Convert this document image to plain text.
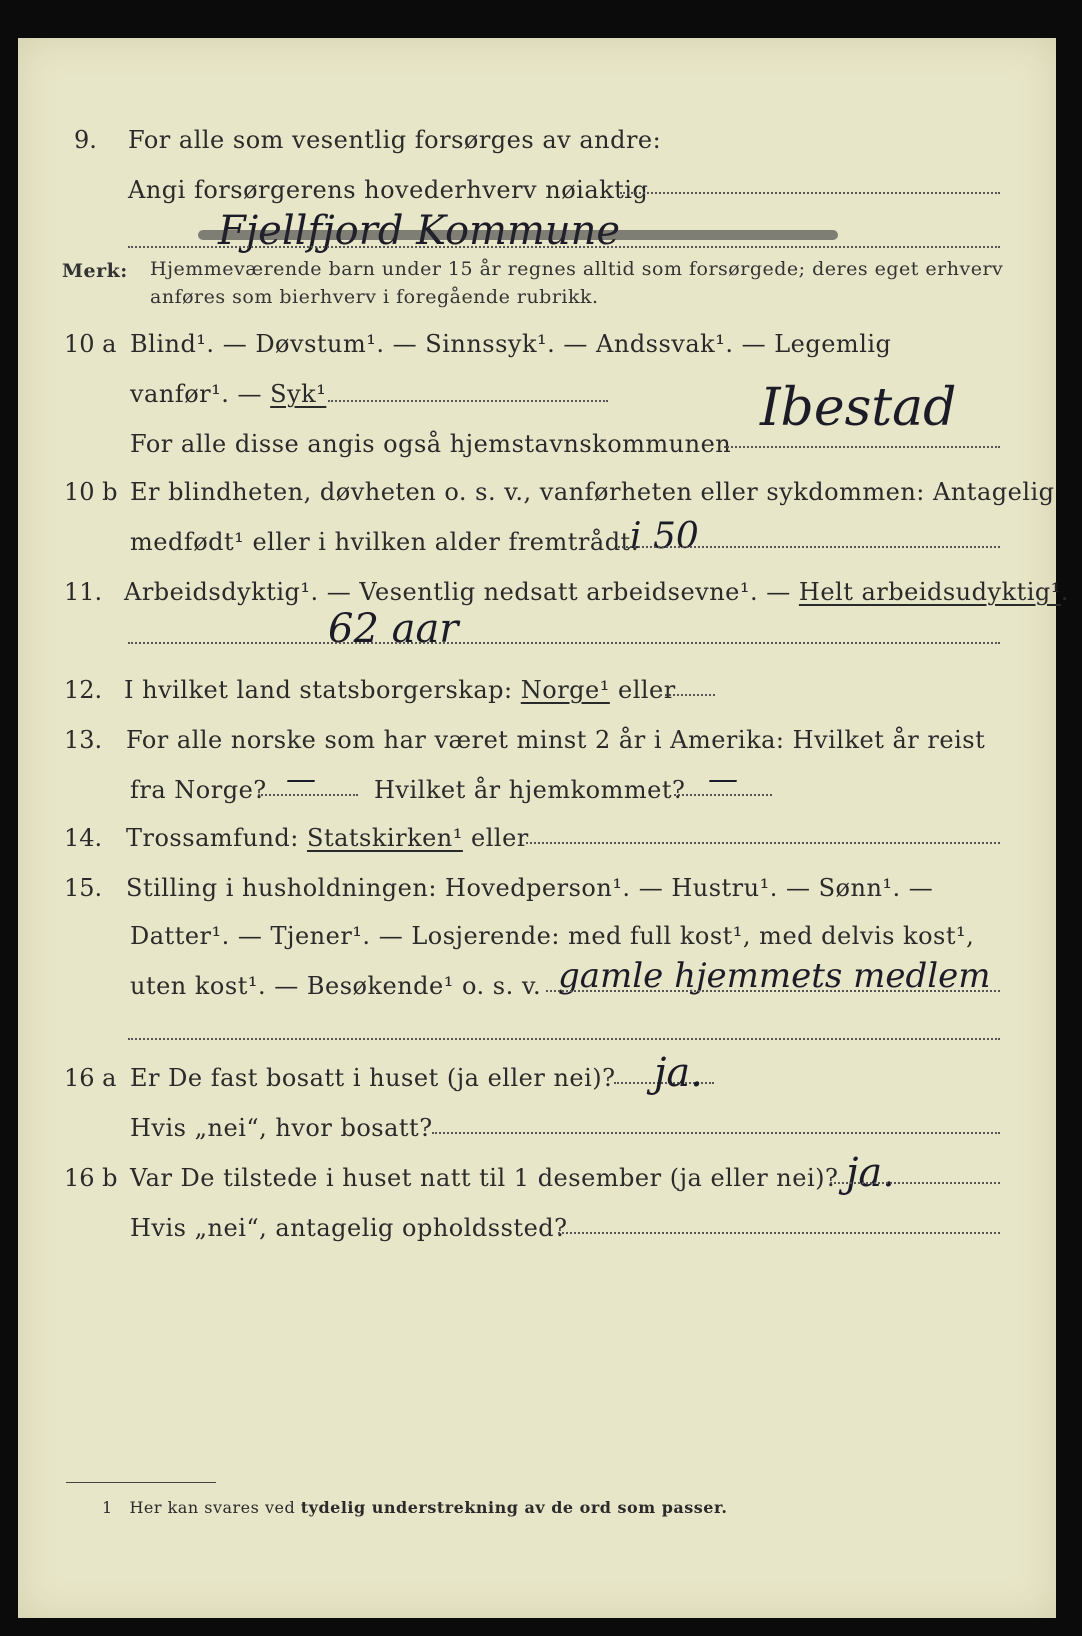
9. For alle som vesentlig forsørges av andre:
Angi forsørgerens hovederhverv nøiaktig
Merk: Hjemmeværende barn under 15 år regnes alltid som forsørgede; deres eget erhverv
anføres som bierhverv i foregående rubrikk.
10 a Blind¹. — Døvstum¹. — Sinnssyk¹. — Andssvak¹. — Legemlig
vanfør¹. — Syk¹
For alle disse angis også hjemstavnskommunen
Ibestad
10 b Er blindheten, døvheten o. s. v., vanførheten eller sykdommen: Antagelig
medfødt¹ eller i hvilken alder fremtrådt:
i 50
11. Arbeidsdyktig¹. — Vesentlig nedsatt arbeidsevne¹. — Helt arbeidsudyktig¹.
62 aar
12. I hvilket land statsborgerskap: Norge¹ eller
13. For alle norske som har været minst 2 år i Amerika: Hvilket år reist
fra Norge? — Hvilket år hjemkommet? —
14. Trossamfund: Statskirken¹ eller
15. Stilling i husholdningen: Hovedperson¹. — Hustru¹. — Sønn¹. —
Datter¹. — Tjener¹. — Losjerende: med full kost¹, med delvis kost¹,
uten kost¹. — Besøkende¹ o. s. v. gamle hjemmets medlem
16 a Er De fast bosatt i huset (ja eller nei)? ja.
Hvis „nei“, hvor bosatt?
16 b Var De tilstede i huset natt til 1 desember (ja eller nei)? ja.
Hvis „nei“, antagelig opholdssted?
1 Her kan svares ved tydelig understrekning av de ord som passer.
